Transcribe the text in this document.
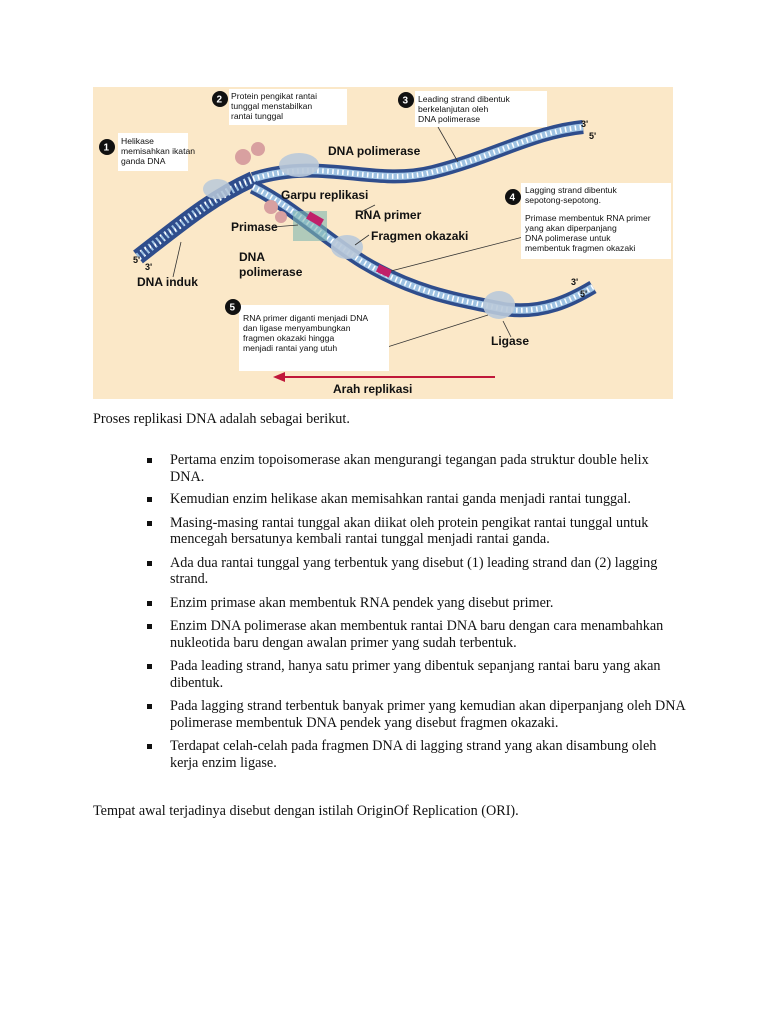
3'
5'
5'
3'
3'
5'
DNA polimerase
Garpu replikasi
RNA primer
Primase
Fragmen okazaki
DNA
polimerase
DNA induk
Ligase
1
Helikase
memisahkan ikatan
ganda DNA
2 Protein pengikat rantai
tunggal menstabilkan
rantai tunggal
3 Leading strand dibentuk
berkelanjutan oleh
DNA polimerase
4
Lagging strand dibentuk
sepotong-sepotong.
Primase membentuk RNA primer
yang akan diperpanjang
DNA polimerase untuk
membentuk fragmen okazaki
5
RNA primer diganti menjadi DNA
dan ligase menyambungkan
fragmen okazaki hingga
menjadi rantai yang utuh
Arah replikasi
Proses replikasi DNA adalah sebagai berikut.
Pertama enzim topoisomerase akan mengurangi tegangan pada struktur double helix DNA.
Kemudian enzim helikase akan memisahkan rantai ganda menjadi rantai tunggal.
Masing-masing rantai tunggal akan diikat oleh protein pengikat rantai tunggal untuk mencegah bersatunya kembali rantai tunggal menjadi rantai ganda.
Ada dua rantai tunggal yang terbentuk yang disebut (1) leading strand dan (2) lagging strand.
Enzim primase akan membentuk RNA pendek yang disebut primer.
Enzim DNA polimerase akan membentuk rantai DNA baru dengan cara menambahkan nukleotida baru dengan awalan primer yang sudah terbentuk.
Pada leading strand, hanya satu primer yang dibentuk sepanjang rantai baru yang akan dibentuk.
Pada lagging strand terbentuk banyak primer yang kemudian akan diperpanjang oleh DNA polimerase membentuk DNA pendek yang disebut fragmen okazaki.
Terdapat celah-celah pada fragmen DNA di lagging strand yang akan disambung oleh kerja enzim ligase.
Tempat awal terjadinya disebut dengan istilah OriginOf Replication (ORI).
